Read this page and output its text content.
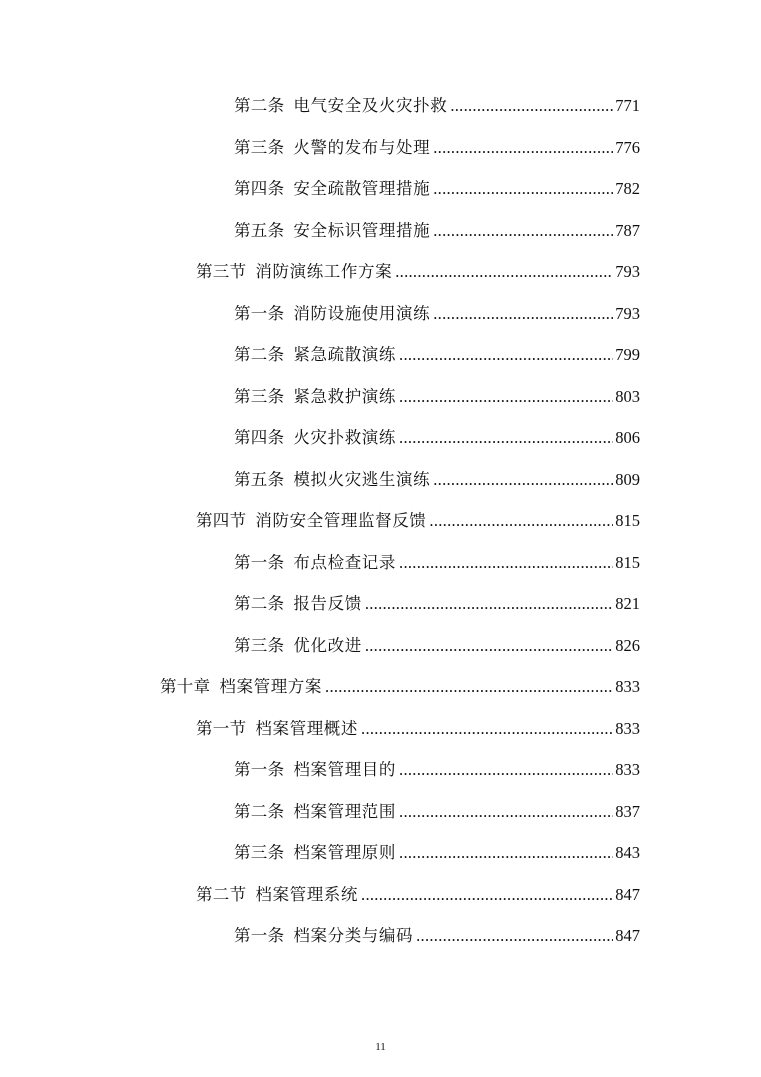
第二条 电气安全及火灾扑救 .....	771
第三条 火警的发布与处理 .....	776
第四条 安全疏散管理措施 .....	782
第五条 安全标识管理措施 .....	787
第三节 消防演练工作方案 .....	793
第一条 消防设施使用演练 .....	793
第二条 紧急疏散演练 .....	799
第三条 紧急救护演练 .....	803
第四条 火灾扑救演练 .....	806
第五条 模拟火灾逃生演练 .....	809
第四节 消防安全管理监督反馈 .....	815
第一条 布点检查记录 .....	815
第二条 报告反馈 .....	821
第三条 优化改进 .....	826
第十章 档案管理方案 .....	833
第一节 档案管理概述 .....	833
第一条 档案管理目的 .....	833
第二条 档案管理范围 .....	837
第三条 档案管理原则 .....	843
第二节 档案管理系统 .....	847
第一条 档案分类与编码 .....	847
11
